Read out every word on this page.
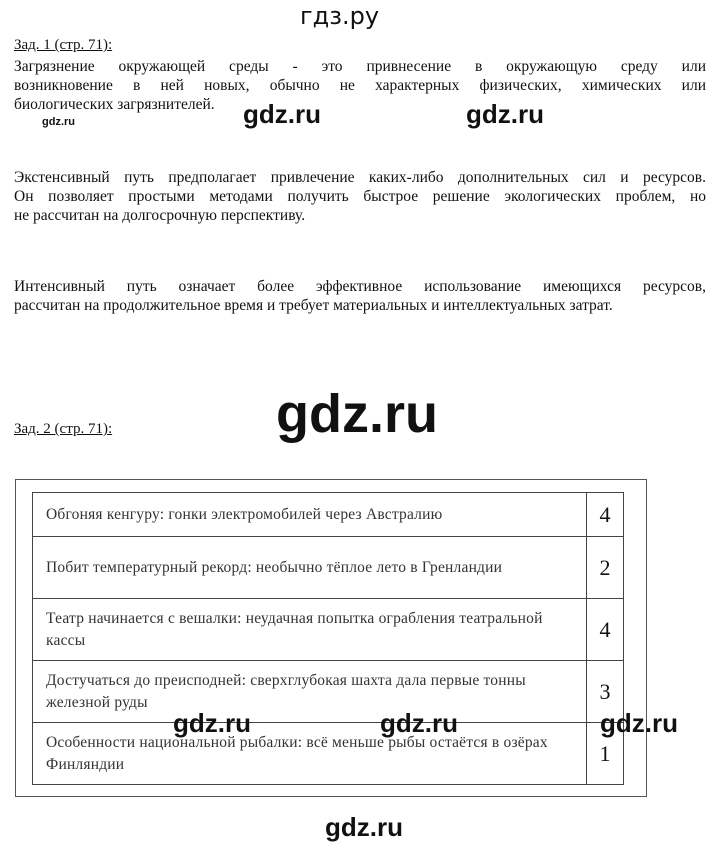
гдз.ру
Зад. 1 (стр. 71):
Загрязнение окружающей среды - это привнесение в окружающую среду или
возникновение в ней новых, обычно не характерных физических, химических или
биологических загрязнителей.
gdz.ru	gdz.ru	gdz.ru
Экстенсивный путь предполагает привлечение каких-либо дополнительных сил и ресурсов.
Он позволяет простыми методами получить быстрое решение экологических проблем, но
не рассчитан на долгосрочную перспективу.
Интенсивный путь означает более эффективное использование имеющихся ресурсов,
рассчитан на продолжительное время и требует материальных и интеллектуальных затрат.
gdz.ru
Зад. 2 (стр. 71):
Обгоняя кенгуру: гонки электромобилей через Австралию	4
Побит температурный рекорд: необычно тёплое лето в Гренландии	2
Театр начинается с вешалки: неудачная попытка ограбления театральной кассы	4
Достучаться до преисподней: сверхглубокая шахта дала первые тонны железной руды	3
Особенности национальной рыбалки: всё меньше рыбы остаётся в озёрах Финляндии	1
gdz.ru	gdz.ru	gdz.ru
gdz.ru
